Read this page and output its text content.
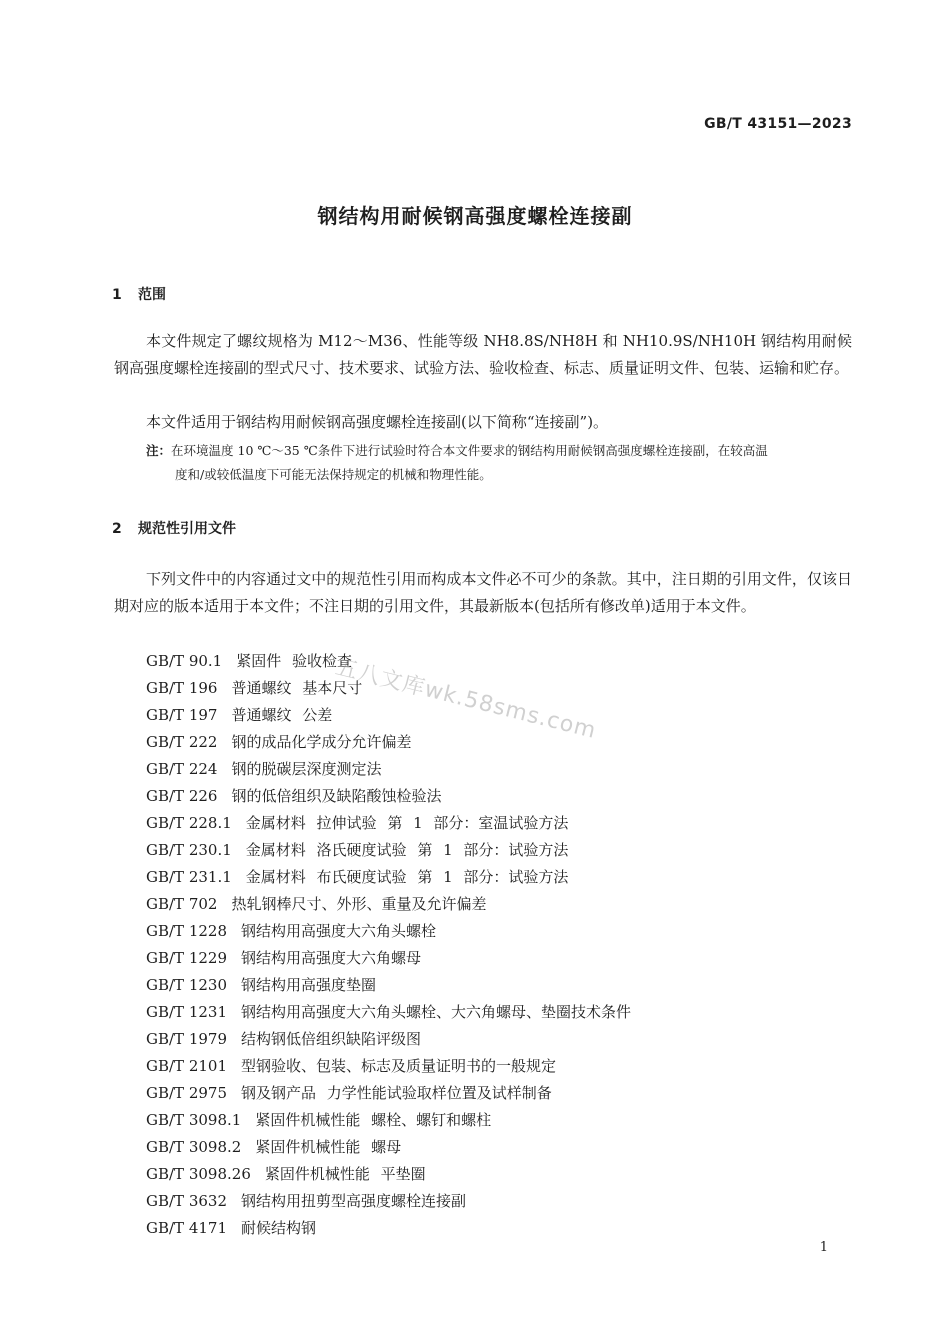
GB/T 43151—2023
钢结构用耐候钢高强度螺栓连接副
1 范围

本文件规定了螺纹规格为 M12～M36、性能等级 NH8.8S/NH8H 和 NH10.9S/NH10H 钢结构用耐候钢高强度螺栓连接副的型式尺寸、技术要求、试验方法、验收检查、标志、质量证明文件、包装、运输和贮存。

本文件适用于钢结构用耐候钢高强度螺栓连接副(以下简称“连接副”)。

注：在环境温度 10 ℃～35 ℃条件下进行试验时符合本文件要求的钢结构用耐候钢高强度螺栓连接副，在较高温
度和/或较低温度下可能无法保持规定的机械和物理性能。

2 规范性引用文件

下列文件中的内容通过文中的规范性引用而构成本文件必不可少的条款。其中，注日期的引用文件，仅该日期对应的版本适用于本文件；不注日期的引用文件，其最新版本(包括所有修改单)适用于本文件。

GB/T 90.1 紧固件 验收检查
GB/T 196 普通螺纹 基本尺寸
GB/T 197 普通螺纹 公差
GB/T 222 钢的成品化学成分允许偏差
GB/T 224 钢的脱碳层深度测定法
GB/T 226 钢的低倍组织及缺陷酸蚀检验法
GB/T 228.1 金属材料 拉伸试验 第 1 部分：室温试验方法
GB/T 230.1 金属材料 洛氏硬度试验 第 1 部分：试验方法
GB/T 231.1 金属材料 布氏硬度试验 第 1 部分：试验方法
GB/T 702 热轧钢棒尺寸、外形、重量及允许偏差
GB/T 1228 钢结构用高强度大六角头螺栓
GB/T 1229 钢结构用高强度大六角螺母
GB/T 1230 钢结构用高强度垫圈
GB/T 1231 钢结构用高强度大六角头螺栓、大六角螺母、垫圈技术条件
GB/T 1979 结构钢低倍组织缺陷评级图
GB/T 2101 型钢验收、包装、标志及质量证明书的一般规定
GB/T 2975 钢及钢产品 力学性能试验取样位置及试样制备
GB/T 3098.1 紧固件机械性能 螺栓、螺钉和螺柱
GB/T 3098.2 紧固件机械性能 螺母
GB/T 3098.26 紧固件机械性能 平垫圈
GB/T 3632 钢结构用扭剪型高强度螺栓连接副
GB/T 4171 耐候结构钢
五八文库wk.58sms.com
1
